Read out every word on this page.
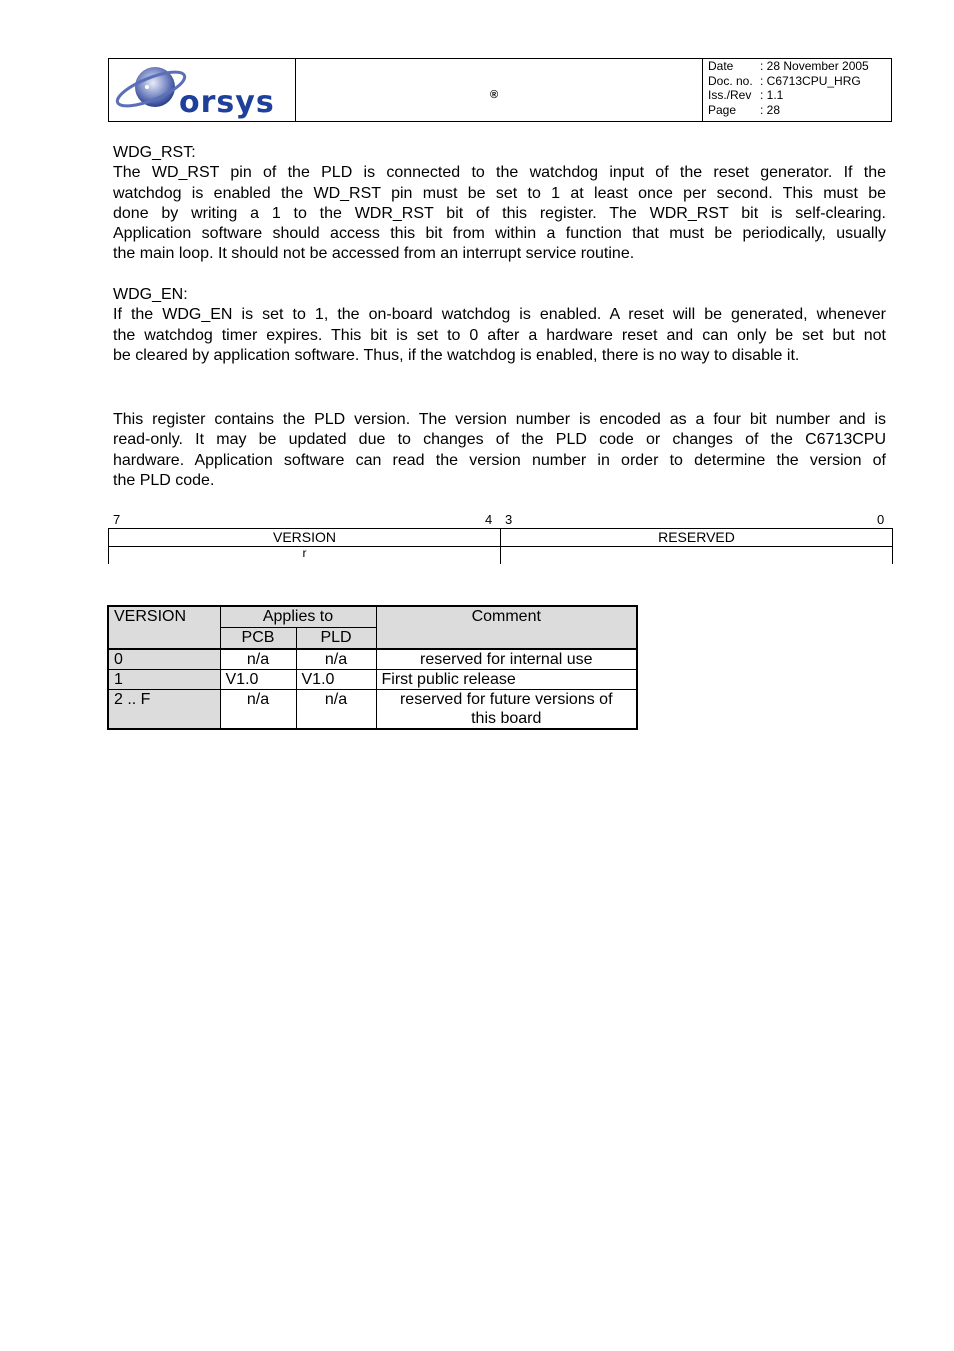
orsys	®
Date	: 28 November 2005
Doc. no. : C6713CPU_HRG
Iss./Rev : 1.1
Page	: 28
WDG_RST:
The WD_RST pin of the PLD is connected to the watchdog input of the reset generator. If the
watchdog is enabled the WD_RST pin must be set to 1 at least once per second. This must be
done by writing a 1 to the WDR_RST bit of this register. The WDR_RST bit is self-clearing.
Application software should access this bit from within a function that must be periodically, usually
the main loop. It should not be accessed from an interrupt service routine.
WDG_EN:
If the WDG_EN is set to 1, the on-board watchdog is enabled. A reset will be generated, whenever
the watchdog timer expires. This bit is set to 0 after a hardware reset and can only be set but not
be cleared by application software. Thus, if the watchdog is enabled, there is no way to disable it.
This register contains the PLD version. The version number is encoded as a four bit number and is
read-only. It may be updated due to changes of the PLD code or changes of the C6713CPU
hardware. Application software can read the version number in order to determine the version of
the PLD code.
7	4 3	0
VERSION	RESERVED
r
VERSION	Applies to		Comment
	PCB	PLD	
0	n/a	n/a	reserved for internal use
1	V1.0	V1.0	First public release
2 .. F	n/a	n/a	reserved for future versions of
this board
